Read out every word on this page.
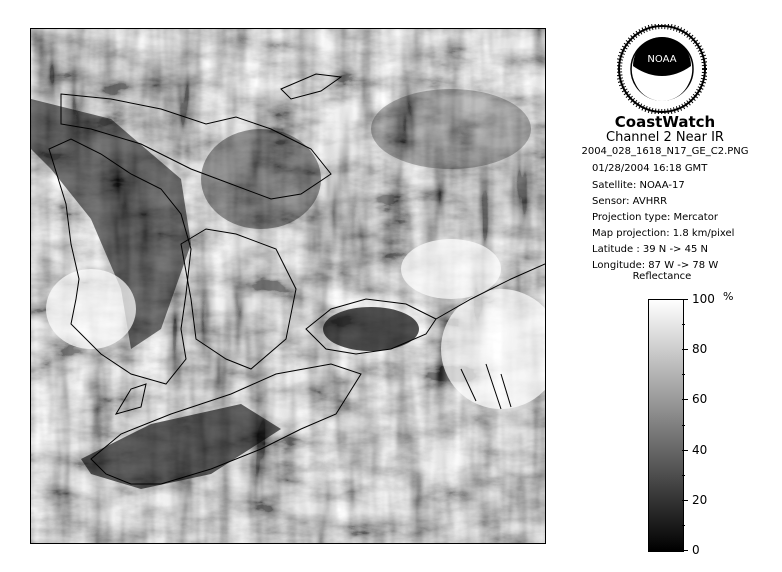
NOAA
CoastWatch
Channel 2 Near IR
2004_028_1618_N17_GE_C2.PNG
01/28/2004 16:18 GMT
Satellite: NOAA-17
Sensor: AVHRR
Projection type: Mercator
Map projection: 1.8 km/pixel
Latitude : 39 N -> 45 N
Longitude: 87 W -> 78 W
Reflectance
%
100
80
60
40
20
0
